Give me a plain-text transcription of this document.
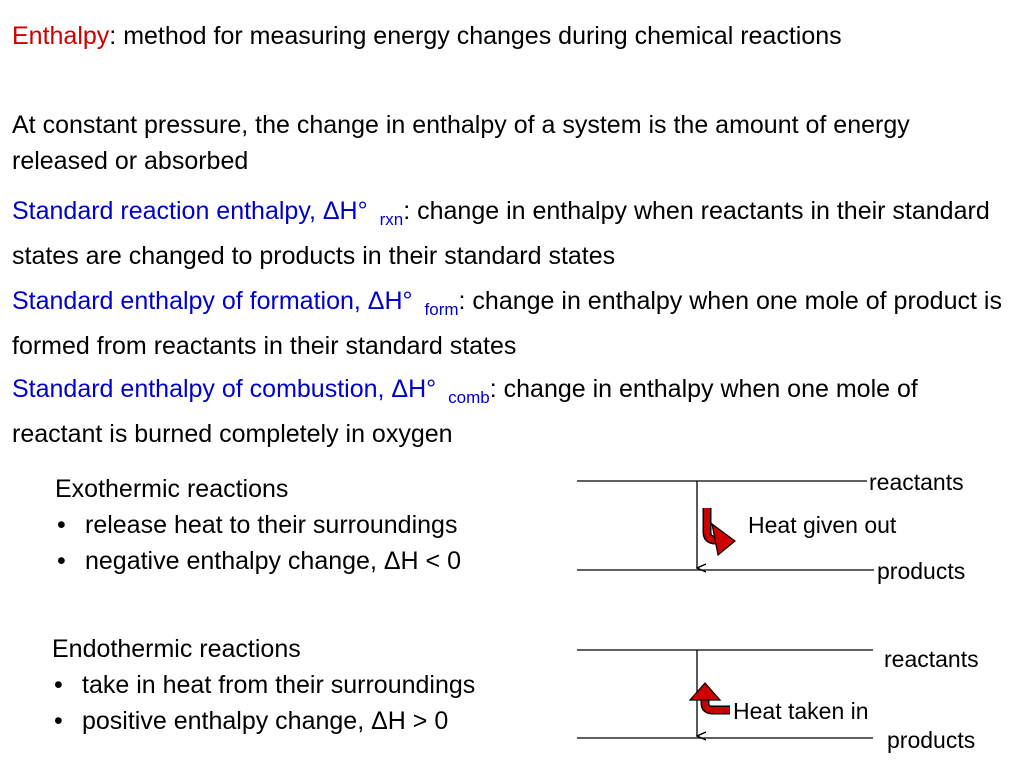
Enthalpy: method for measuring energy changes during chemical reactions

At constant pressure, the change in enthalpy of a system is the amount of energy released or absorbed

Standard reaction enthalpy, ΔH° $_{rxn}$: change in enthalpy when reactants in their standard states are changed to products in their standard states

Standard enthalpy of formation, ΔH° $_{form}$: change in enthalpy when one mole of product is formed from reactants in their standard states

Standard enthalpy of combustion, ΔH° $_{comb}$: change in enthalpy when one mole of reactant is burned completely in oxygen

Exothermic reactions
• release heat to their surroundings
• negative enthalpy change, ΔH < 0
Endothermic reactions
• take in heat from their surroundings
• positive enthalpy change, ΔH > 0
reactants
Heat given out
products
reactants
Heat taken in
products
